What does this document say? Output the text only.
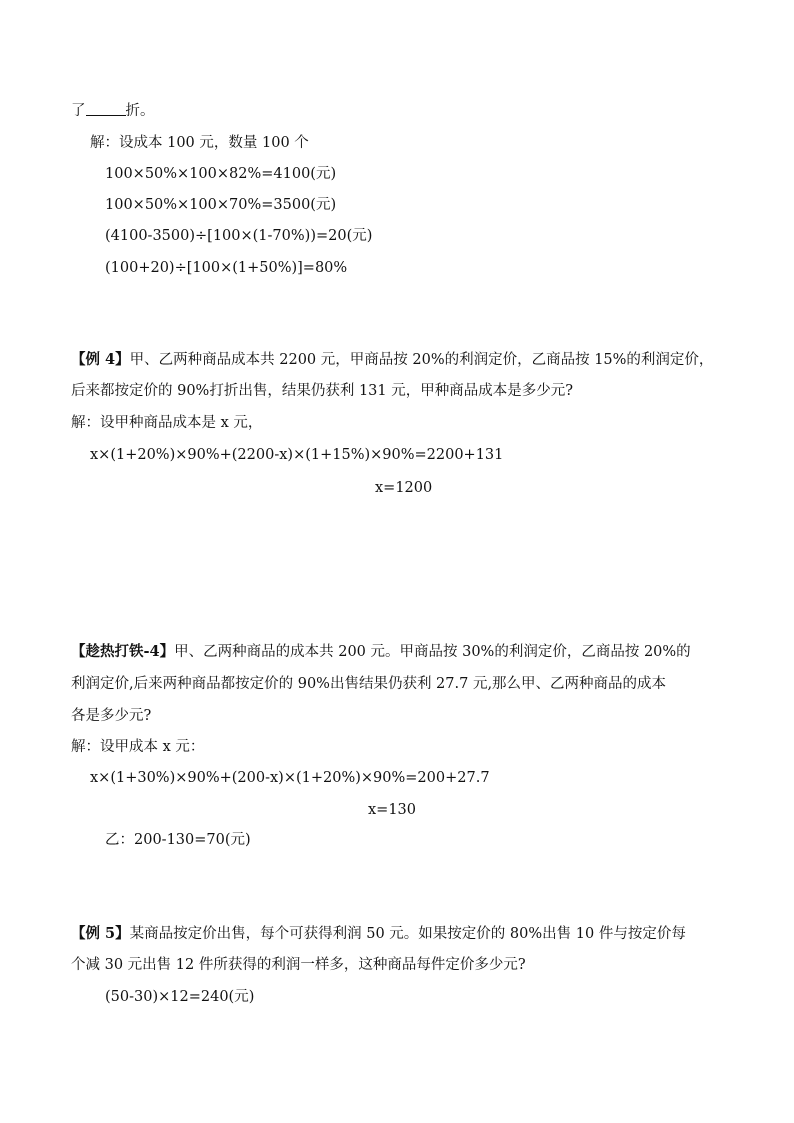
了	折。
解：设成本 100 元，数量 100 个
100×50%×100×82%=4100(元)
100×50%×100×70%=3500(元)
(4100-3500)÷[100×(1-70%))=20(元)
(100+20)÷[100×(1+50%)]=80%
【例 4】甲、乙两种商品成本共 2200 元，甲商品按 20%的利润定价，乙商品按 15%的利润定价，
后来都按定价的 90%打折出售，结果仍获利 131 元，甲种商品成本是多少元?
解：设甲种商品成本是 x 元，
x×(1+20%)×90%+(2200-x)×(1+15%)×90%=2200+131
x=1200
【趁热打铁-4】甲、乙两种商品的成本共 200 元。甲商品按 30%的利润定价，乙商品按 20%的
利润定价,后来两种商品都按定价的 90%出售结果仍获利 27.7 元,那么甲、乙两种商品的成本
各是多少元?
解：设甲成本 x 元：
x×(1+30%)×90%+(200-x)×(1+20%)×90%=200+27.7
x=130
乙：200-130=70(元)
【例 5】某商品按定价出售，每个可获得利润 50 元。如果按定价的 80%出售 10 件与按定价每
个减 30 元出售 12 件所获得的利润一样多，这种商品每件定价多少元?
(50-30)×12=240(元)
